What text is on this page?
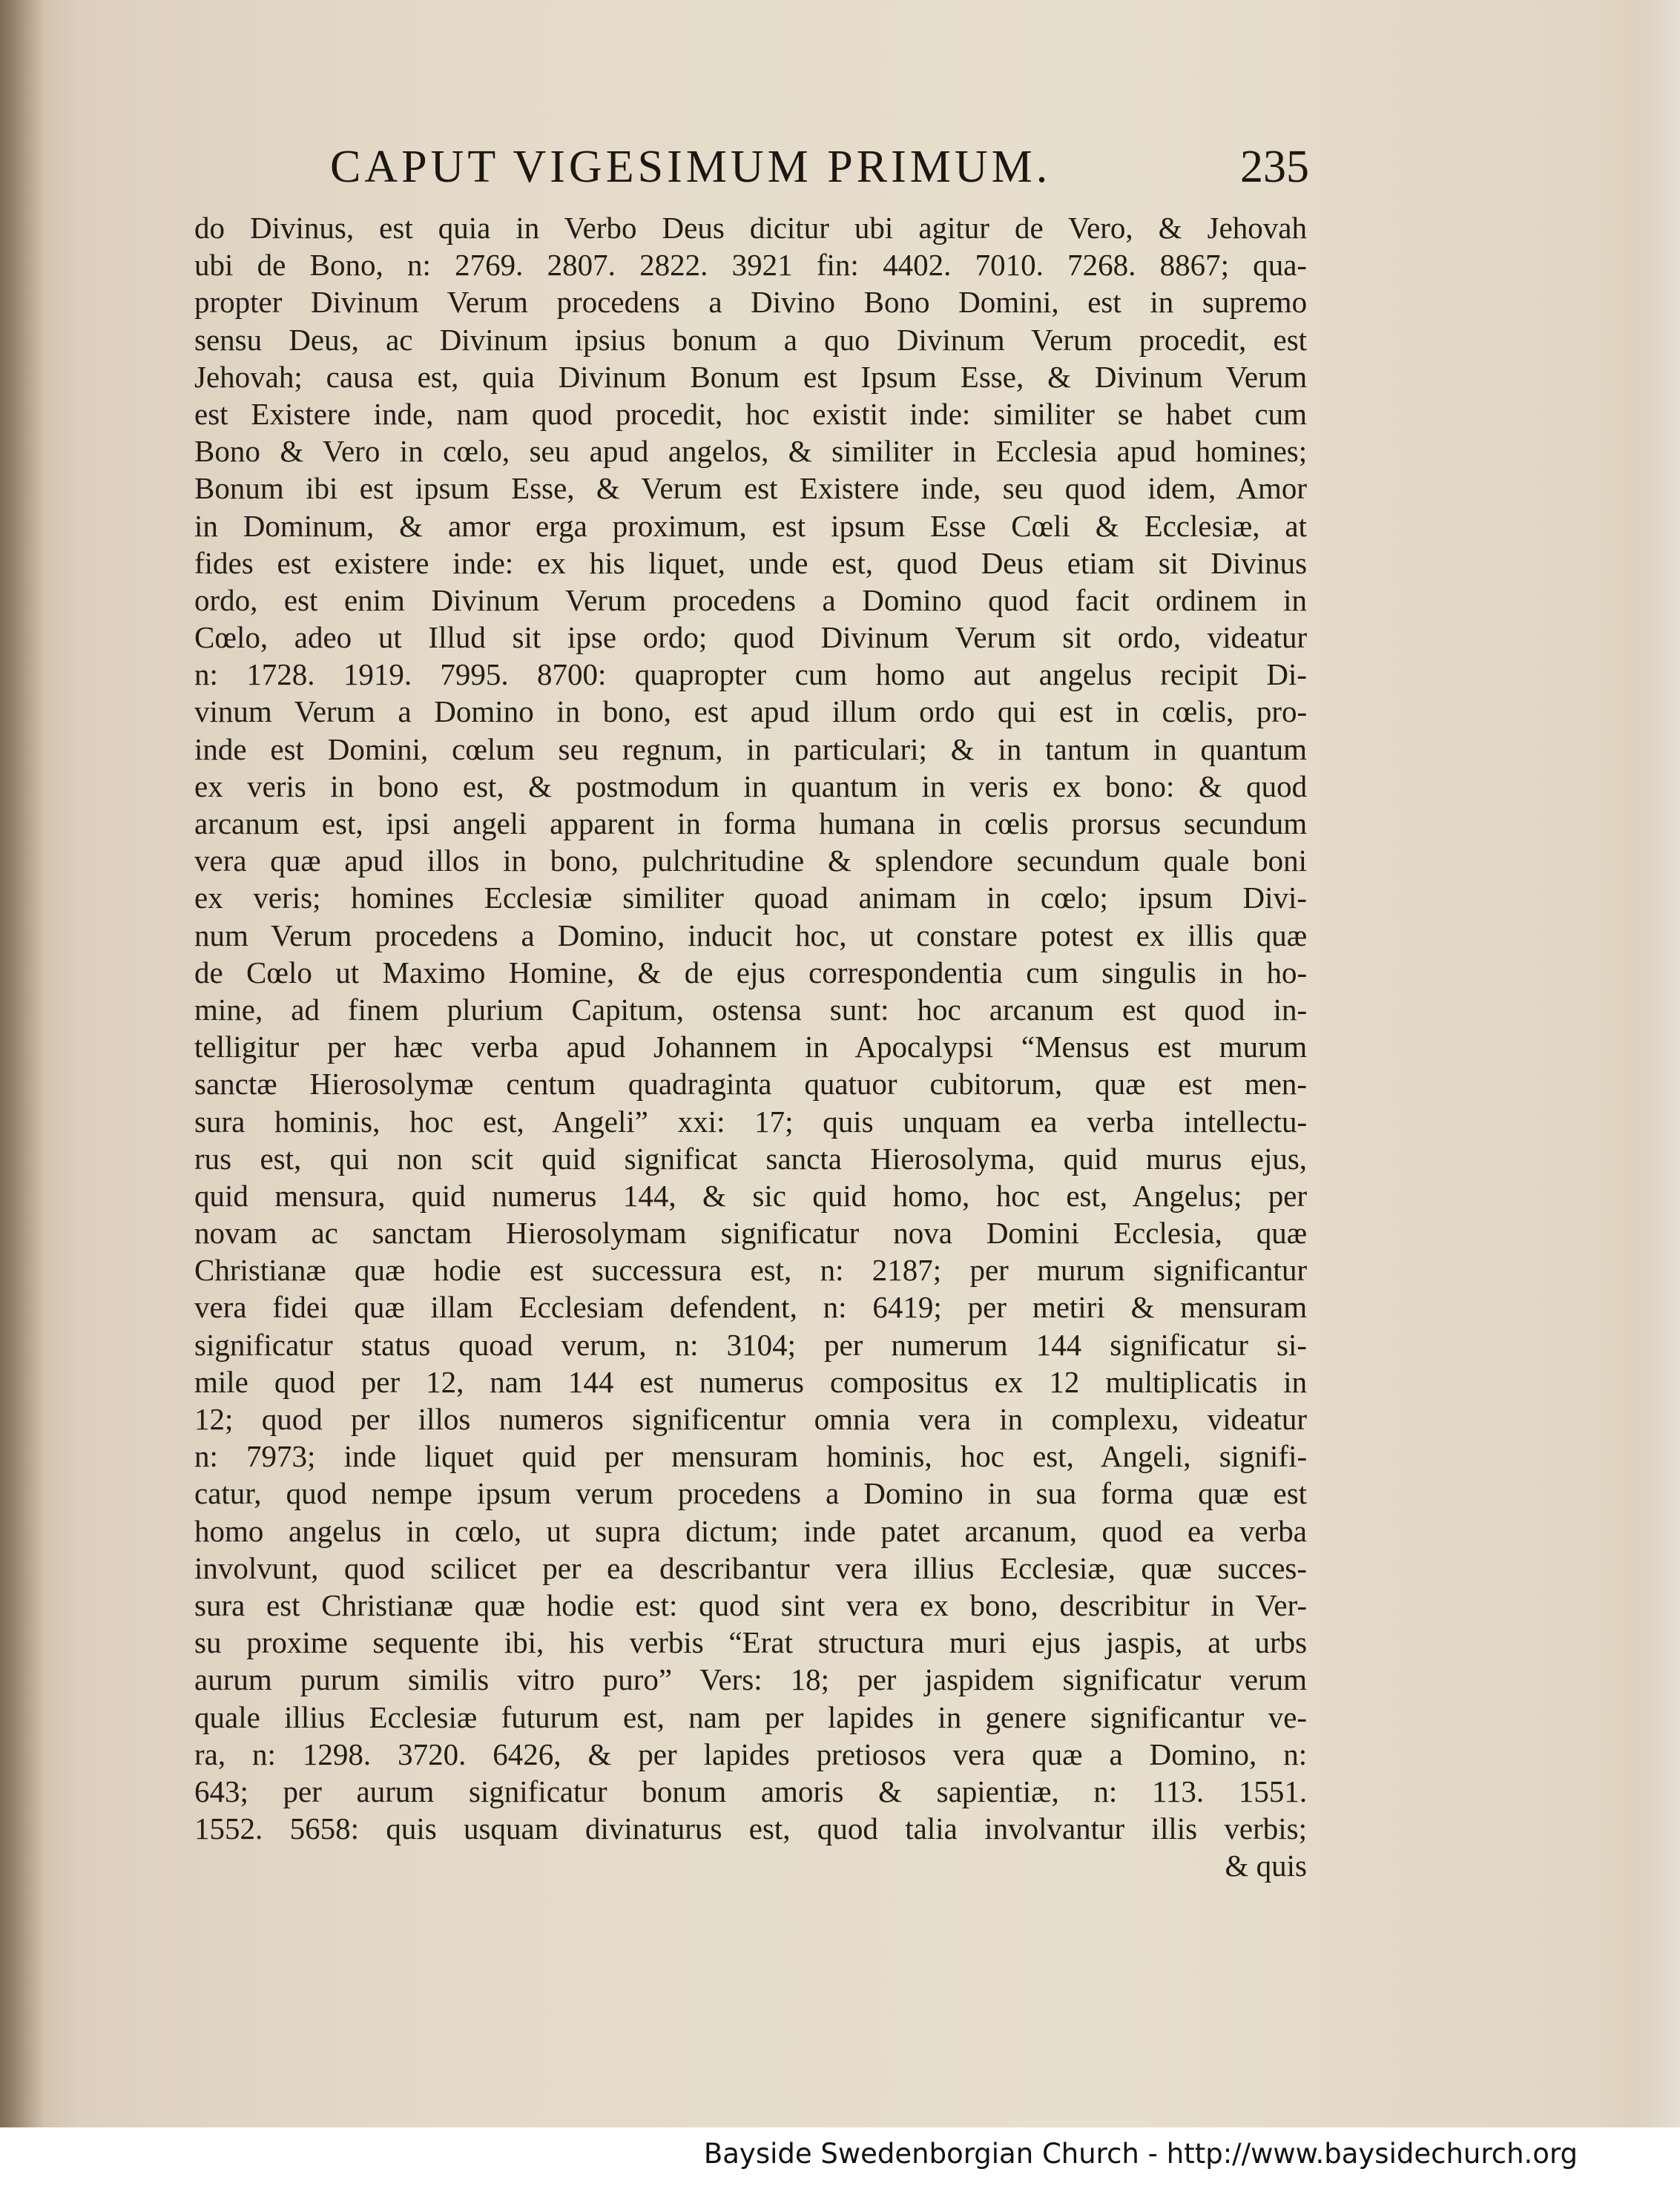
CAPUT VIGESIMUM PRIMUM.	235
do Divinus, est quia in Verbo Deus dicitur ubi agitur de Vero, & Jehovah
ubi de Bono, n: 2769. 2807. 2822. 3921 fin: 4402. 7010. 7268. 8867; qua-
propter Divinum Verum procedens a Divino Bono Domini, est in supremo
sensu Deus, ac Divinum ipsius bonum a quo Divinum Verum procedit, est
Jehovah; causa est, quia Divinum Bonum est Ipsum Esse, & Divinum Verum
est Existere inde, nam quod procedit, hoc existit inde: similiter se habet cum
Bono & Vero in cœlo, seu apud angelos, & similiter in Ecclesia apud homines;
Bonum ibi est ipsum Esse, & Verum est Existere inde, seu quod idem, Amor
in Dominum, & amor erga proximum, est ipsum Esse Cœli & Ecclesiæ, at
fides est existere inde: ex his liquet, unde est, quod Deus etiam sit Divinus
ordo, est enim Divinum Verum procedens a Domino quod facit ordinem in
Cœlo, adeo ut Illud sit ipse ordo; quod Divinum Verum sit ordo, videatur
n: 1728. 1919. 7995. 8700: quapropter cum homo aut angelus recipit Di-
vinum Verum a Domino in bono, est apud illum ordo qui est in cœlis, pro-
inde est Domini, cœlum seu regnum, in particulari; & in tantum in quantum
ex veris in bono est, & postmodum in quantum in veris ex bono: & quod
arcanum est, ipsi angeli apparent in forma humana in cœlis prorsus secundum
vera quæ apud illos in bono, pulchritudine & splendore secundum quale boni
ex veris; homines Ecclesiæ similiter quoad animam in cœlo; ipsum Divi-
num Verum procedens a Domino, inducit hoc, ut constare potest ex illis quæ
de Cœlo ut Maximo Homine, & de ejus correspondentia cum singulis in ho-
mine, ad finem plurium Capitum, ostensa sunt: hoc arcanum est quod in-
telligitur per hæc verba apud Johannem in Apocalypsi “Mensus est murum
sanctæ Hierosolymæ centum quadraginta quatuor cubitorum, quæ est men-
sura hominis, hoc est, Angeli” xxi: 17; quis unquam ea verba intellectu-
rus est, qui non scit quid significat sancta Hierosolyma, quid murus ejus,
quid mensura, quid numerus 144, & sic quid homo, hoc est, Angelus; per
novam ac sanctam Hierosolymam significatur nova Domini Ecclesia, quæ
Christianæ quæ hodie est successura est, n: 2187; per murum significantur
vera fidei quæ illam Ecclesiam defendent, n: 6419; per metiri & mensuram
significatur status quoad verum, n: 3104; per numerum 144 significatur si-
mile quod per 12, nam 144 est numerus compositus ex 12 multiplicatis in
12; quod per illos numeros significentur omnia vera in complexu, videatur
n: 7973; inde liquet quid per mensuram hominis, hoc est, Angeli, signifi-
catur, quod nempe ipsum verum procedens a Domino in sua forma quæ est
homo angelus in cœlo, ut supra dictum; inde patet arcanum, quod ea verba
involvunt, quod scilicet per ea describantur vera illius Ecclesiæ, quæ succes-
sura est Christianæ quæ hodie est: quod sint vera ex bono, describitur in Ver-
su proxime sequente ibi, his verbis “Erat structura muri ejus jaspis, at urbs
aurum purum similis vitro puro” Vers: 18; per jaspidem significatur verum
quale illius Ecclesiæ futurum est, nam per lapides in genere significantur ve-
ra, n: 1298. 3720. 6426, & per lapides pretiosos vera quæ a Domino, n:
643; per aurum significatur bonum amoris & sapientiæ, n: 113. 1551.
1552. 5658: quis usquam divinaturus est, quod talia involvantur illis verbis;
& quis
Bayside Swedenborgian Church - http://www.baysidechurch.org
